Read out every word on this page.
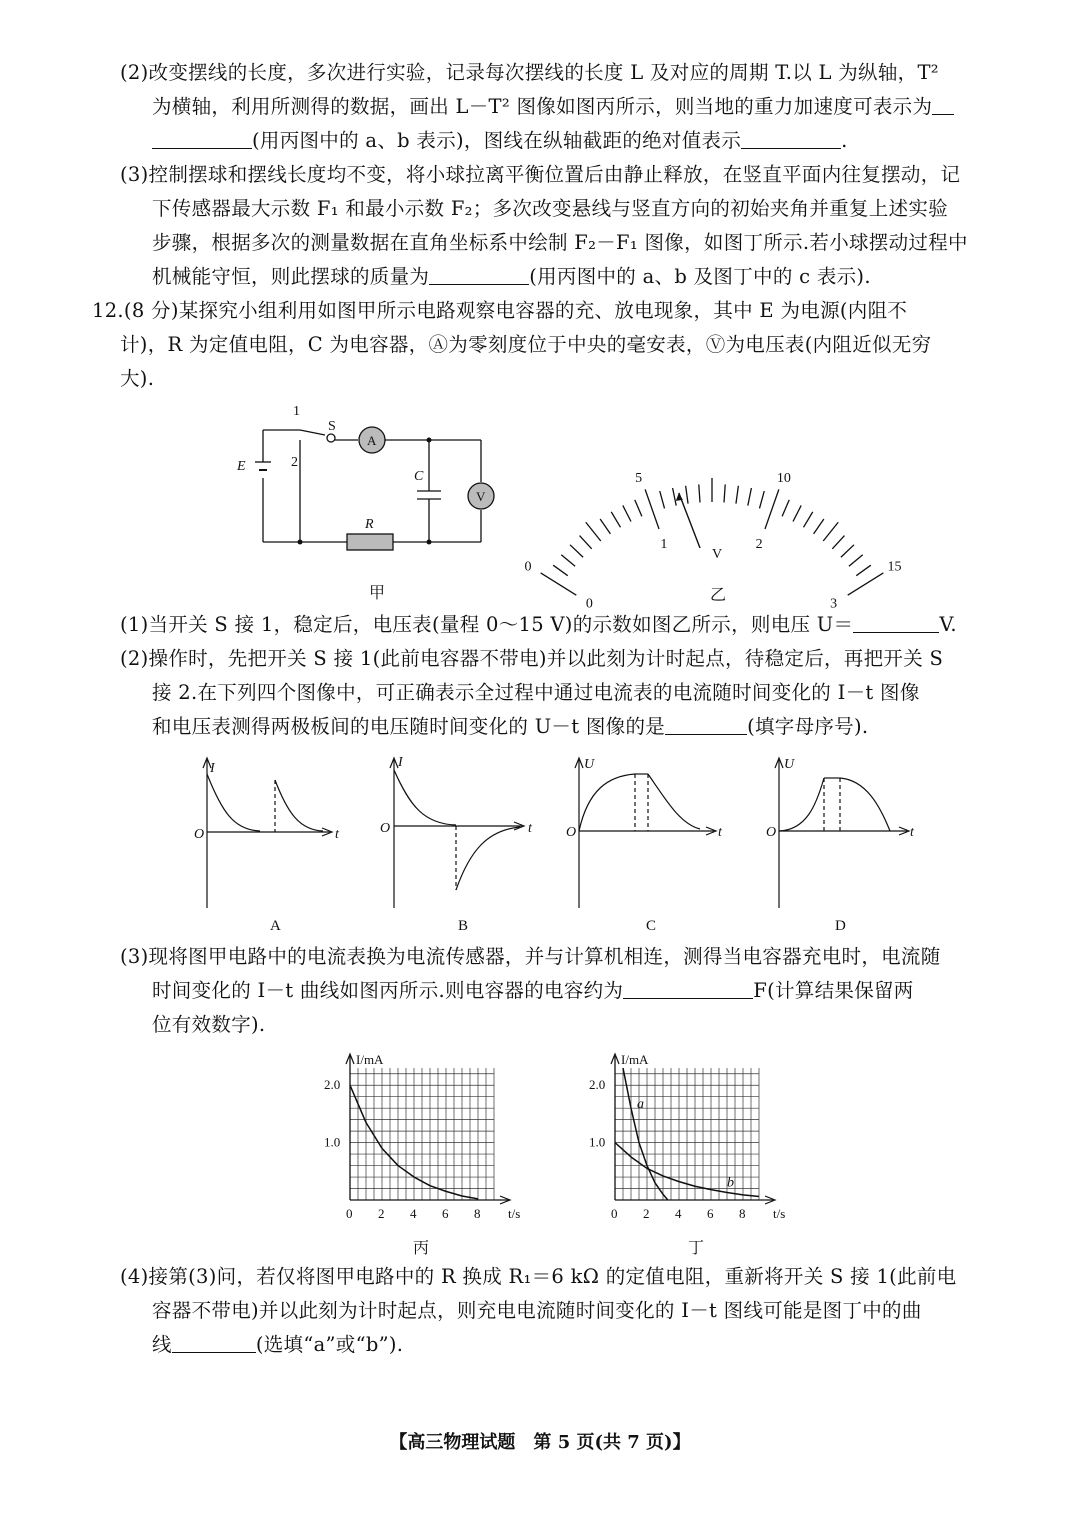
(2)改变摆线的长度，多次进行实验，记录每次摆线的长度 L 及对应的周期 T.以 L 为纵轴，T²
为横轴，利用所测得的数据，画出 L－T² 图像如图丙所示，则当地的重力加速度可表示为
(用丙图中的 a、b 表示)，图线在纵轴截距的绝对值表示	.
(3)控制摆球和摆线长度均不变，将小球拉离平衡位置后由静止释放，在竖直平面内往复摆动，记
下传感器最大示数 F₁ 和最小示数 F₂；多次改变悬线与竖直方向的初始夹角并重复上述实验
步骤，根据多次的测量数据在直角坐标系中绘制 F₂－F₁ 图像，如图丁所示.若小球摆动过程中
机械能守恒，则此摆球的质量为	(用丙图中的 a、b 及图丁中的 c 表示).
12.(8 分)某探究小组利用如图甲所示电路观察电容器的充、放电现象，其中 E 为电源(内阻不
计)，R 为定值电阻，C 为电容器，Ⓐ为零刻度位于中央的毫安表，Ⓥ为电压表(内阻近似无穷
大).
1
2
S
A
E
C
V
R
甲
0
5	10
15
0
1	2
3
V
乙
(1)当开关 S 接 1，稳定后，电压表(量程 0～15 V)的示数如图乙所示，则电压 U＝	V.
(2)操作时，先把开关 S 接 1(此前电容器不带电)并以此刻为计时起点，待稳定后，再把开关 S
接 2.在下列四个图像中，可正确表示全过程中通过电流表的电流随时间变化的 I－t 图像
和电压表测得两极板间的电压随时间变化的 U－t 图像的是	(填字母序号).
I
O	t
A
I
O	t
B
U
O	t
C
U
O	t
D
(3)现将图甲电路中的电流表换为电流传感器，并与计算机相连，测得当电容器充电时，电流随
时间变化的 I－t 曲线如图丙所示.则电容器的电容约为	F(计算结果保留两
位有效数字).
I/mA
t/s
0 2 4 6 8
1.0
2.0
丙
I/mA
t/s
0 2 4 6 8
1.0
2.0
a
b
丁
(4)接第(3)问，若仅将图甲电路中的 R 换成 R₁＝6 kΩ 的定值电阻，重新将开关 S 接 1(此前电
容器不带电)并以此刻为计时起点，则充电电流随时间变化的 I－t 图线可能是图丁中的曲
线	(选填“a”或“b”).
【高三物理试题　第 5 页(共 7 页)】
